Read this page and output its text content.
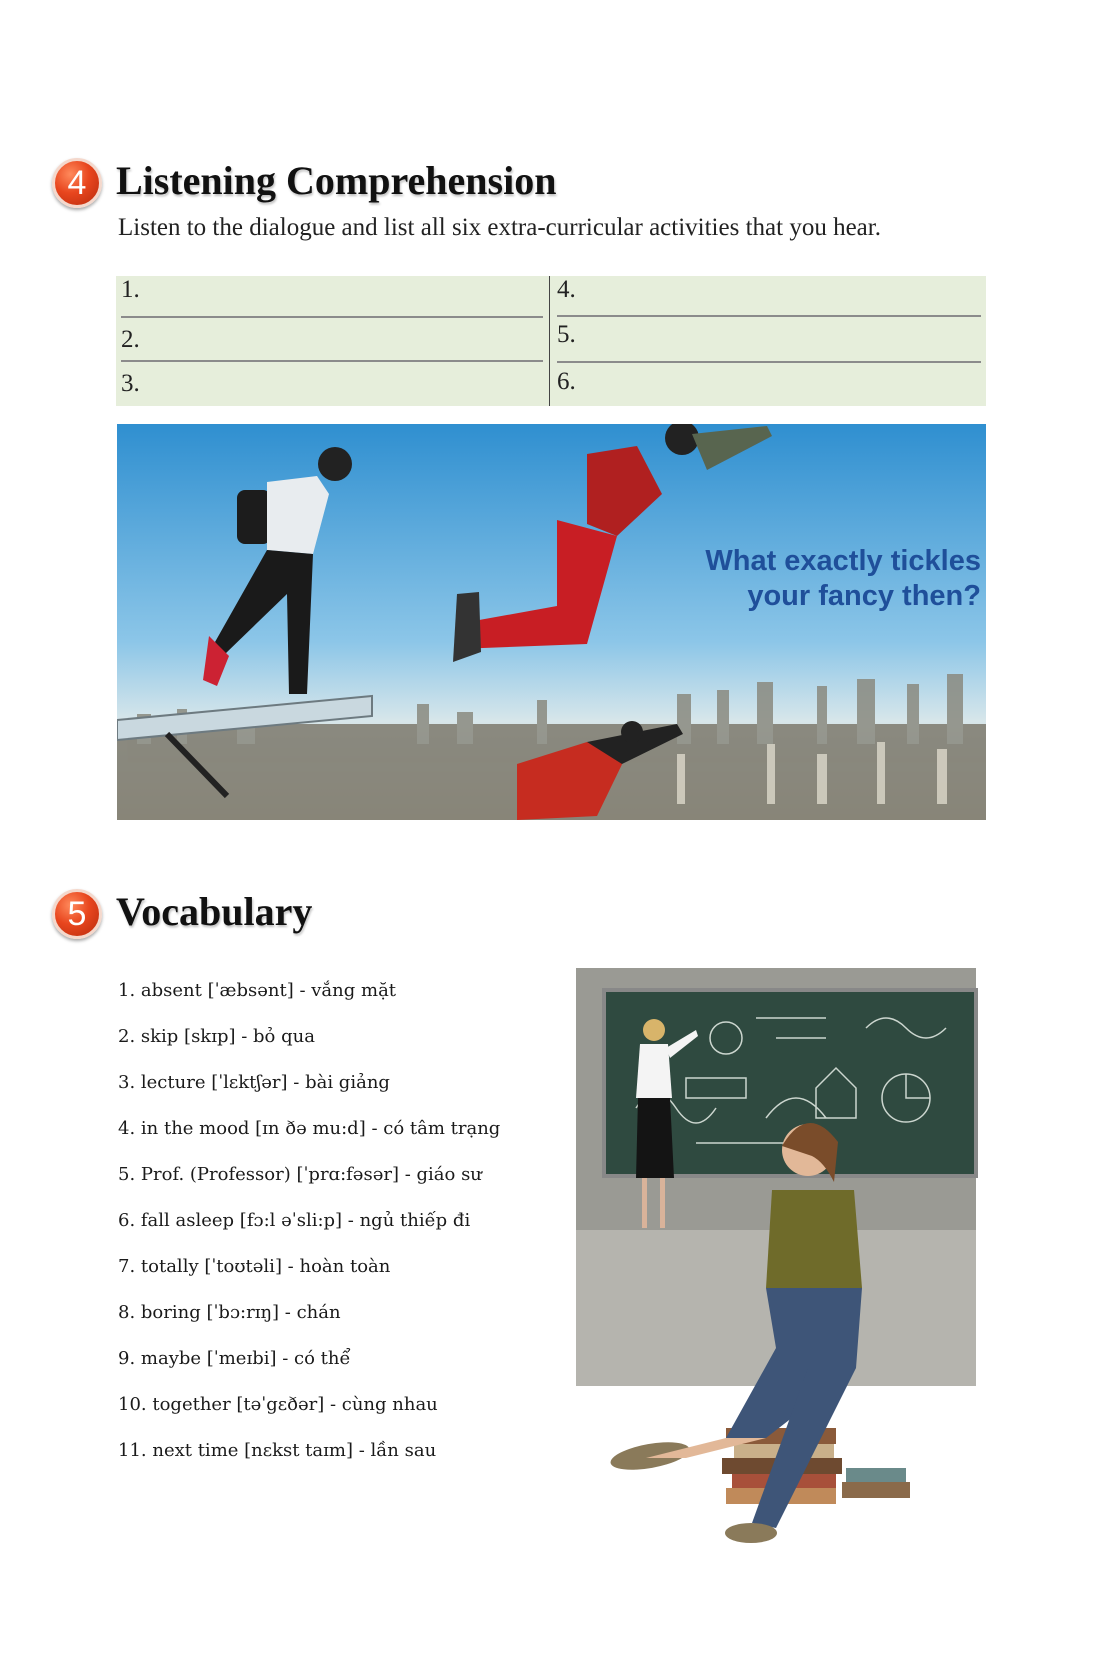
4 Listening Comprehension

Listen to the dialogue and list all six extra-curricular activities that you hear.

1.
2.
3.
4.
5.
6.
What exactly tickles
your fancy then?
5 Vocabulary
1. absent [ˈæbsənt] - vắng mặt
2. skip [skɪp] - bỏ qua
3. lecture [ˈlɛktʃər] - bài giảng
4. in the mood [ɪn ðə mu:d] - có tâm trạng
5. Prof. (Professor) [ˈprɑ:fəsər] - giáo sư
6. fall asleep [fɔ:l əˈsli:p] - ngủ thiếp đi
7. totally [ˈtoʊtəli] - hoàn toàn
8. boring [ˈbɔ:rɪŋ] - chán
9. maybe [ˈmeɪbi] - có thể
10. together [təˈgɛðər] - cùng nhau
11. next time [nɛkst taɪm] - lần sau
